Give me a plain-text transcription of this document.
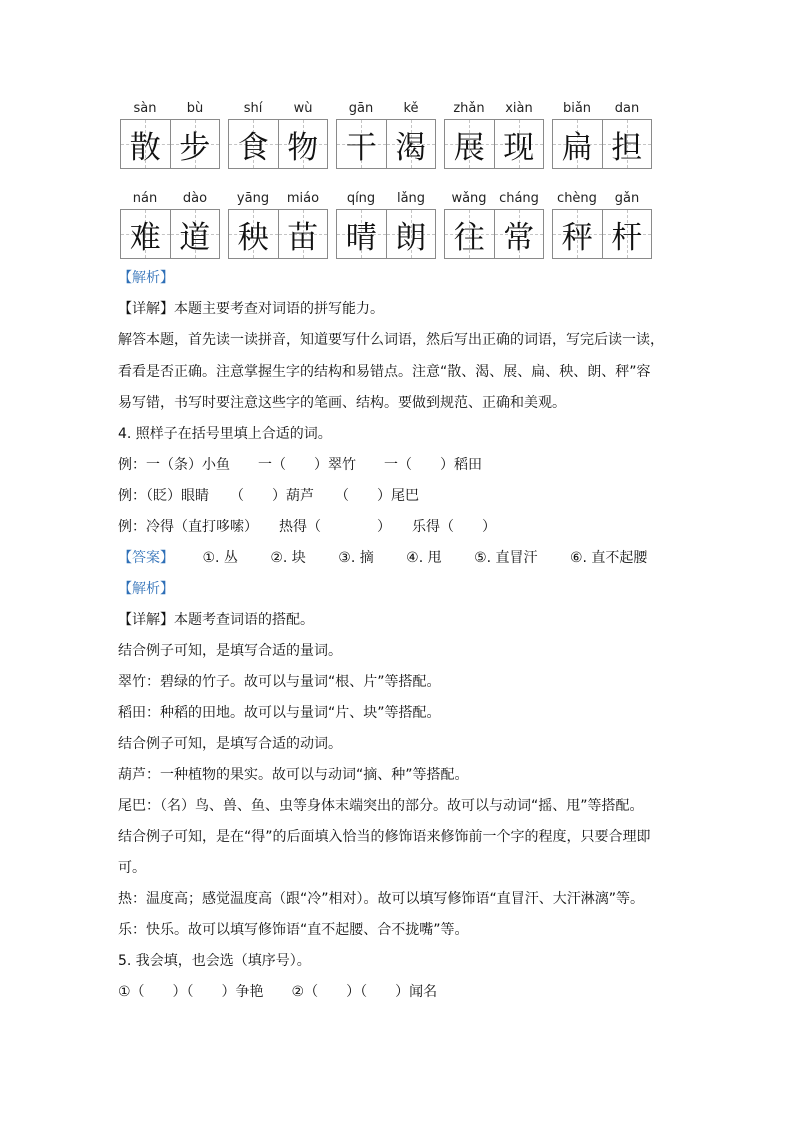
sàn	bù
散 步
shí	wù
食 物
gān	kě
干 渴
zhǎn	xiàn
展 现
biǎn	dan
扁 担
nán	dào
难 道
yāng	miáo
秧 苗
qíng	lǎng
晴 朗
wǎng cháng
往 常
chèng	gǎn
秤 杆
【解析】
【详解】本题主要考查对词语的拼写能力。
解答本题，首先读一读拼音，知道要写什么词语，然后写出正确的词语，写完后读一读，
看看是否正确。注意掌握生字的结构和易错点。注意“散、渴、展、扁、秧、朗、秤”容
易写错，书写时要注意这些字的笔画、结构。要做到规范、正确和美观。
4. 照样子在括号里填上合适的词。
例：一（条）小鱼　　一（　　）翠竹　　一（　　）稻田
例：（眨）眼睛　　（　　）葫芦　　（　　）尾巴
例：冷得（直打哆嗦）　　热得（　　　　）　　乐得（　　）
【答案】 ①. 丛 ②. 块 ③. 摘 ④. 甩 ⑤. 直冒汗 ⑥. 直不起腰
【解析】
【详解】本题考查词语的搭配。
结合例子可知，是填写合适的量词。
翠竹：碧绿的竹子。故可以与量词“根、片”等搭配。
稻田：种稻的田地。故可以与量词“片、块”等搭配。
结合例子可知，是填写合适的动词。
葫芦：一种植物的果实。故可以与动词“摘、种”等搭配。
尾巴：（名）鸟、兽、鱼、虫等身体末端突出的部分。故可以与动词“摇、甩”等搭配。
结合例子可知，是在“得”的后面填入恰当的修饰语来修饰前一个字的程度，只要合理即
可。
热：温度高；感觉温度高（跟“冷”相对）。故可以填写修饰语“直冒汗、大汗淋漓”等。
乐：快乐。故可以填写修饰语“直不起腰、合不拢嘴”等。
5. 我会填，也会选（填序号）。
①（　　）（　　）争艳　　②（　　）（　　）闻名
